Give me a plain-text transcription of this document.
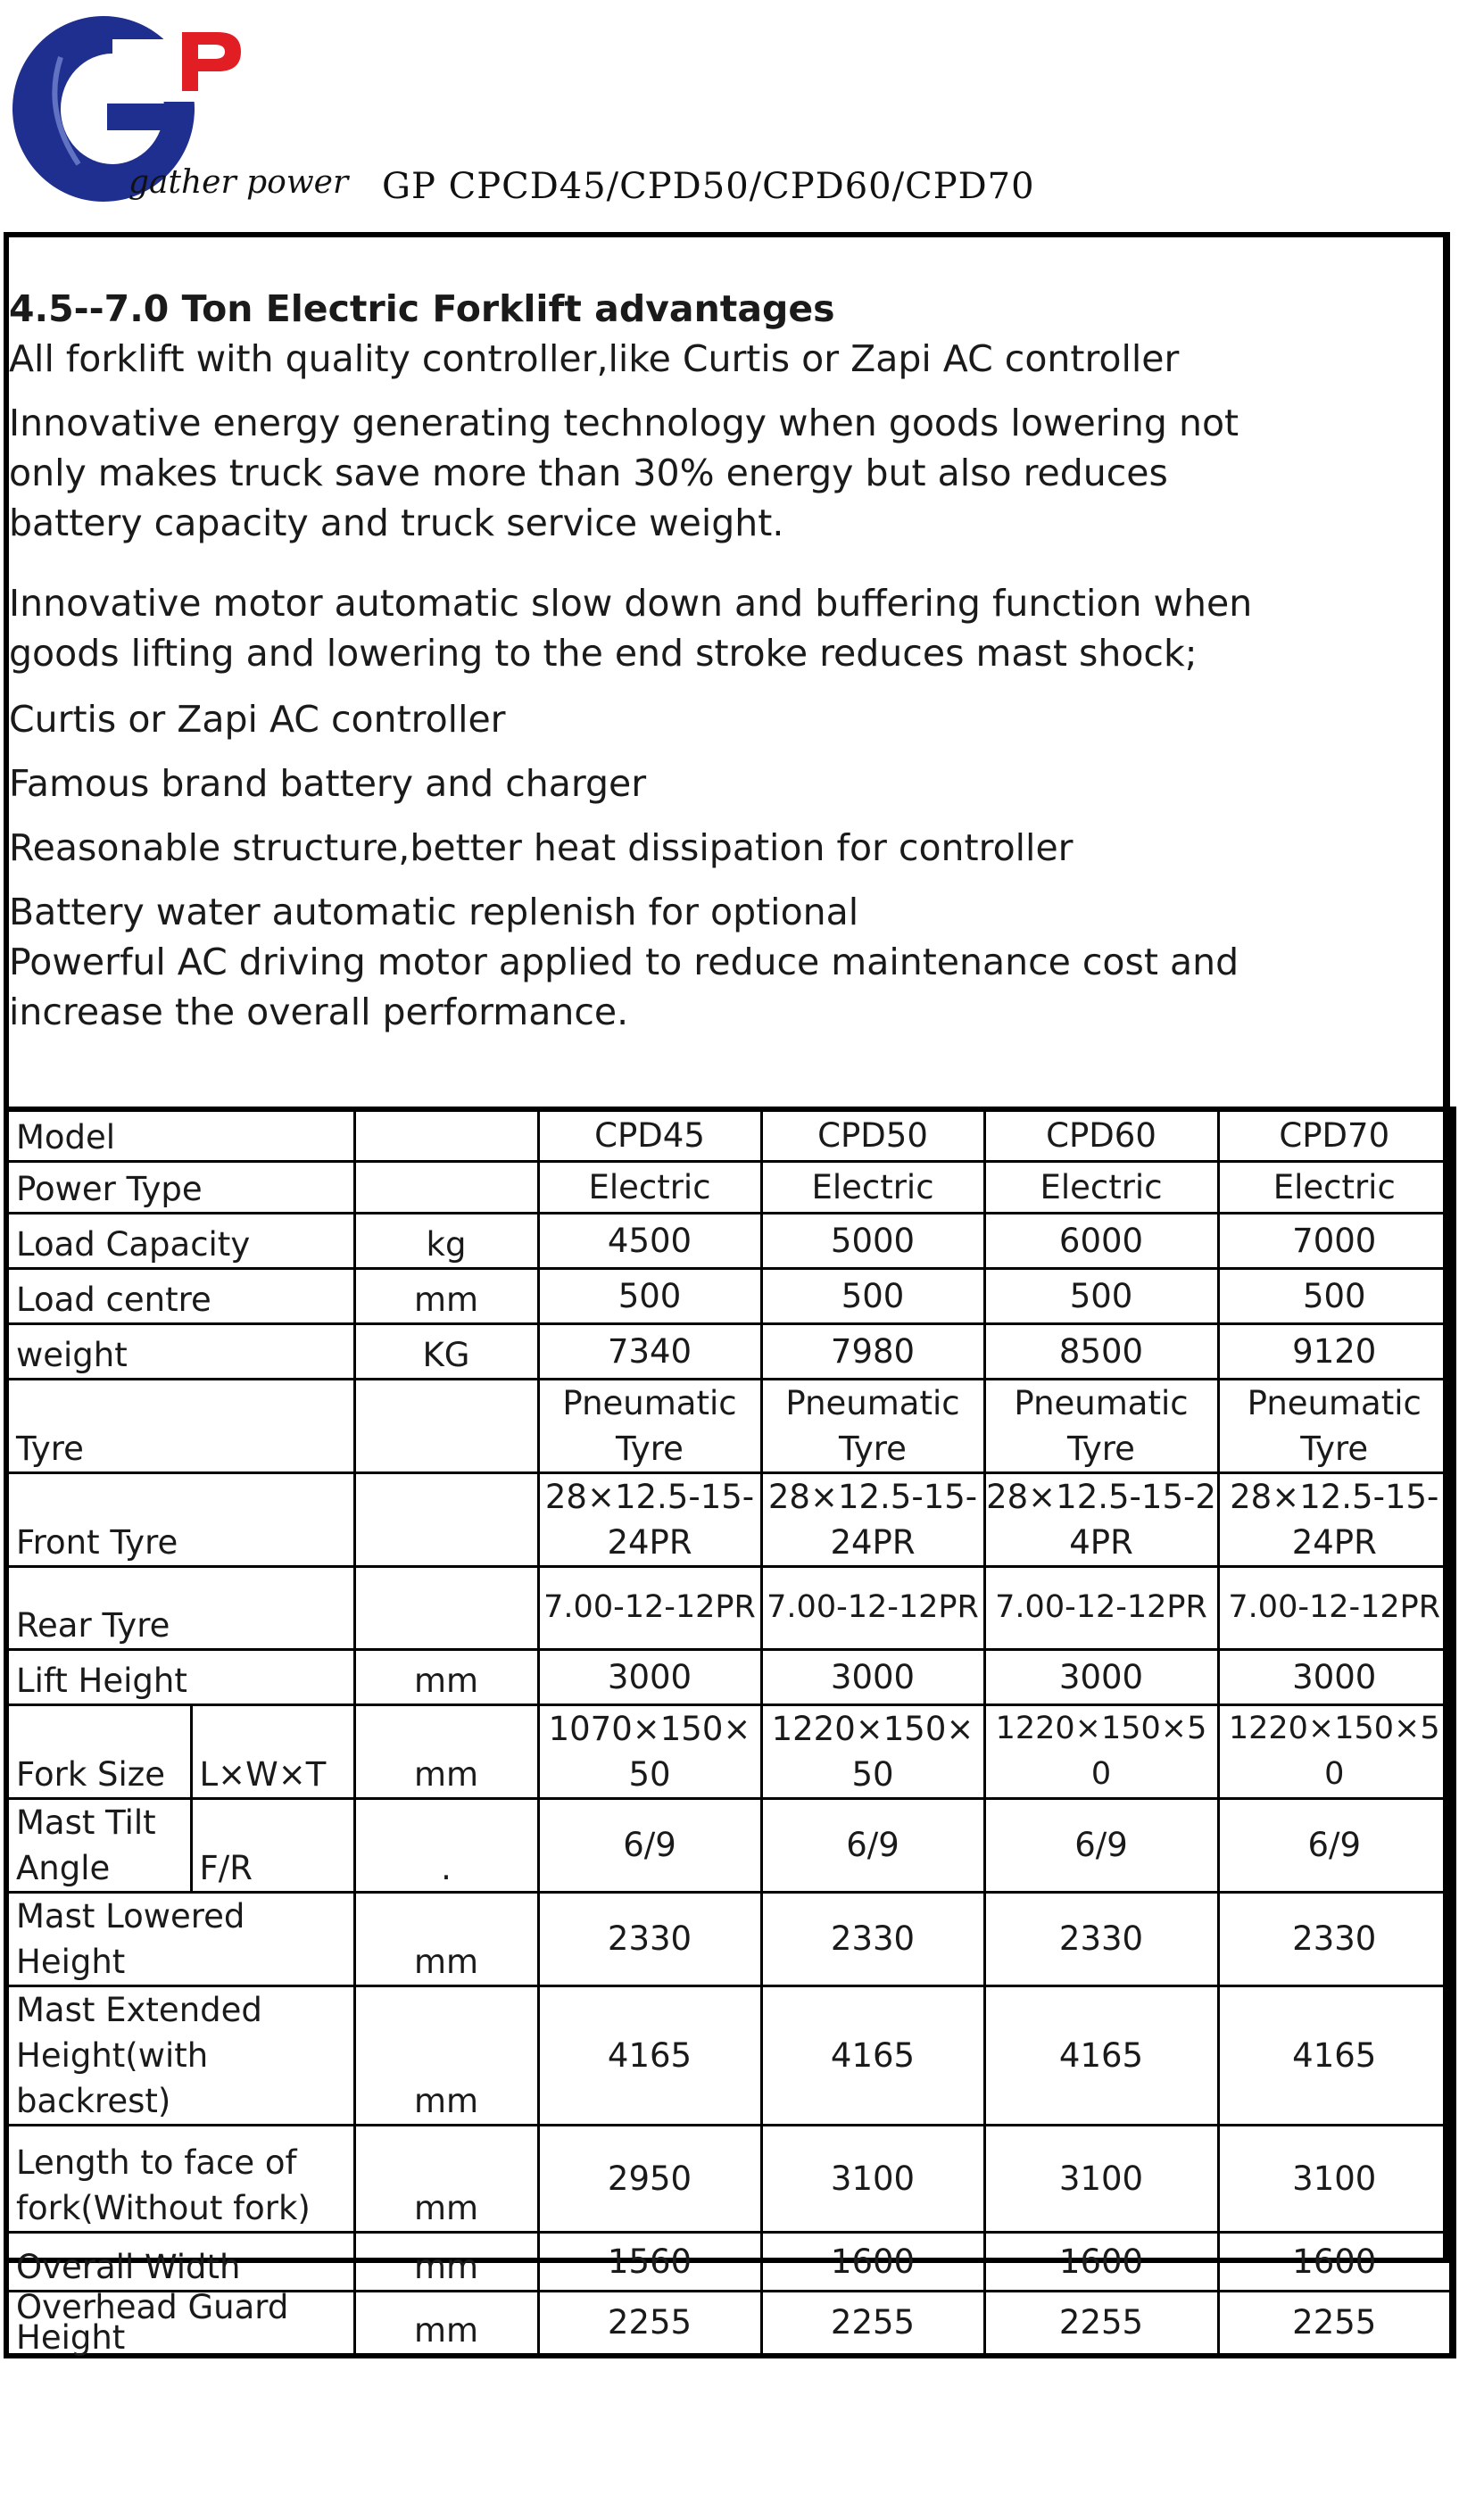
gather power GP CPCD45/CPD50/CPD60/CPD70
4.5--7.0 Ton Electric Forklift advantages

All forklift with quality controller,like Curtis or Zapi AC controller

Innovative energy generating technology when goods lowering not

only makes truck save more than 30% energy but also reduces

battery capacity and truck service weight.

Innovative motor automatic slow down and buffering function when

goods lifting and lowering to the end stroke reduces mast shock;

Curtis or Zapi AC controller

Famous brand battery and charger

Reasonable structure,better heat dissipation for controller

Battery water automatic replenish for optional

Powerful AC driving motor applied to reduce maintenance cost and

increase the overall performance.

Model			CPD45	CPD50	CPD60	CPD70
Power Type			Electric	Electric	Electric	Electric
Load Capacity		kg	4500	5000	6000	7000
Load centre		mm	500	500	500	500
weight		KG	7340	7980	8500	9120
Tyre			Pneumatic Tyre	Pneumatic Tyre	Pneumatic Tyre	Pneumatic Tyre
Front Tyre			28×12.5-15-24PR	28×12.5-15-24PR	28×12.5-15-24PR	28×12.5-15-24PR
Rear Tyre			7.00-12-12PR	7.00-12-12PR	7.00-12-12PR	7.00-12-12PR
Lift Height		mm	3000	3000	3000	3000
Fork Size	L×W×T	mm	1070×150×50	1220×150×50	1220×150×50	1220×150×50
Mast Tilt Angle	F/R	.	6/9	6/9	6/9	6/9
Mast Lowered Height		mm	2330	2330	2330	2330
Mast Extended Height(with backrest)		mm	4165	4165	4165	4165
Length to face of fork(Without fork)		mm	2950	3100	3100	3100
Overall Width		mm	1560	1600	1600	1600
Overhead Guard Height		mm	2255	2255	2255	2255
